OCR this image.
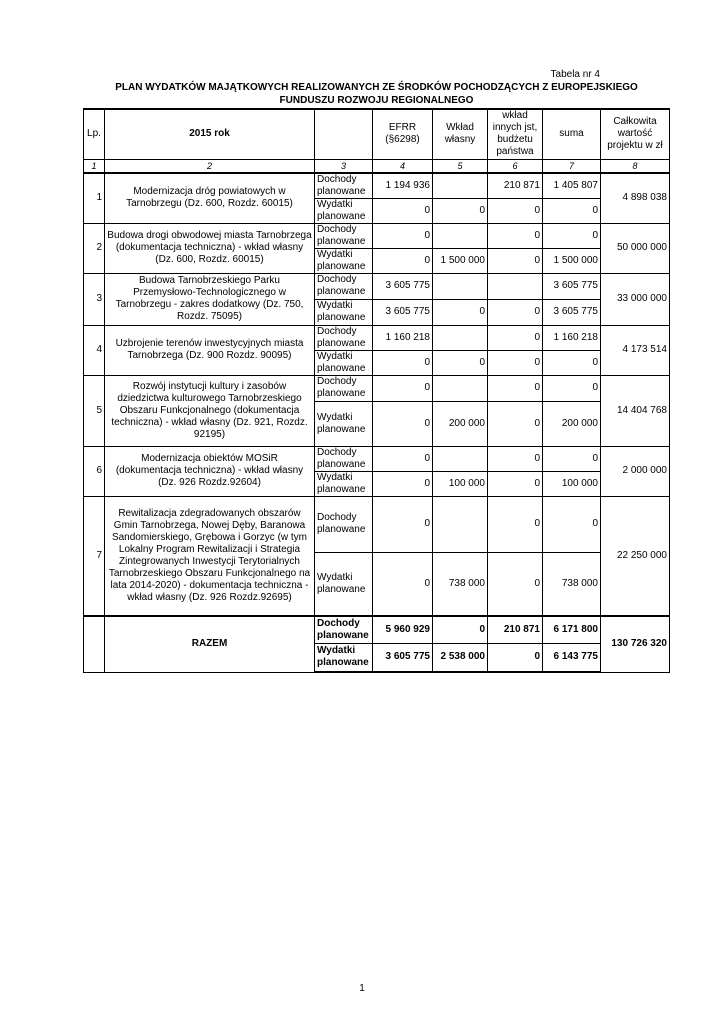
Tabela nr 4
PLAN WYDATKÓW MAJĄTKOWYCH REALIZOWANYCH ZE ŚRODKÓW POCHODZĄCYCH Z EUROPEJSKIEGO
FUNDUSZU ROZWOJU REGIONALNEGO
Lp.	2015 rok		EFRR (§6298)	Wkład własny	wkład innych jst, budżetu państwa	suma	Całkowita wartość projektu w zł
1	2	3	4	5	6	7	8
1	Modernizacja dróg powiatowych w Tarnobrzegu (Dz. 600, Rozdz. 60015)	Dochody planowane	1 194 936		210 871	1 405 807	4 898 038
		Wydatki planowane	0	0	0	0	
2	Budowa drogi obwodowej miasta Tarnobrzega (dokumentacja techniczna) - wkład własny (Dz. 600, Rozdz. 60015)	Dochody planowane	0		0	0	50 000 000
		Wydatki planowane	0	1 500 000	0	1 500 000	
3	Budowa Tarnobrzeskiego Parku Przemysłowo-Technologicznego w Tarnobrzegu - zakres dodatkowy (Dz. 750, Rozdz. 75095)	Dochody planowane	3 605 775			3 605 775	33 000 000
		Wydatki planowane	3 605 775	0	0	3 605 775	
4	Uzbrojenie terenów inwestycyjnych miasta Tarnobrzega (Dz. 900 Rozdz. 90095)	Dochody planowane	1 160 218		0	1 160 218	4 173 514
		Wydatki planowane	0	0	0	0	
5	Rozwój instytucji kultury i zasobów dziedzictwa kulturowego Tarnobrzeskiego Obszaru Funkcjonalnego (dokumentacja techniczna) - wkład własny (Dz. 921, Rozdz. 92195)	Dochody planowane	0		0	0	14 404 768
		Wydatki planowane	0	200 000	0	200 000	
6	Modernizacja obiektów MOSiR (dokumentacja techniczna) - wkład własny (Dz. 926 Rozdz.92604)	Dochody planowane	0		0	0	2 000 000
		Wydatki planowane	0	100 000	0	100 000	
7	Rewitalizacja zdegradowanych obszarów Gmin Tarnobrzega, Nowej Dęby, Baranowa Sandomierskiego, Grębowa i Gorzyc (w tym Lokalny Program Rewitalizacji i Strategia Zintegrowanych Inwestycji Terytorialnych Tarnobrzeskiego Obszaru Funkcjonalnego na lata 2014-2020) - dokumentacja techniczna - wkład własny (Dz. 926 Rozdz.92695)	Dochody planowane	0		0	0	22 250 000
		Wydatki planowane	0	738 000	0	738 000	
	RAZEM	Dochody planowane	5 960 929	0	210 871	6 171 800	130 726 320
		Wydatki planowane	3 605 775	2 538 000	0	6 143 775	
1
